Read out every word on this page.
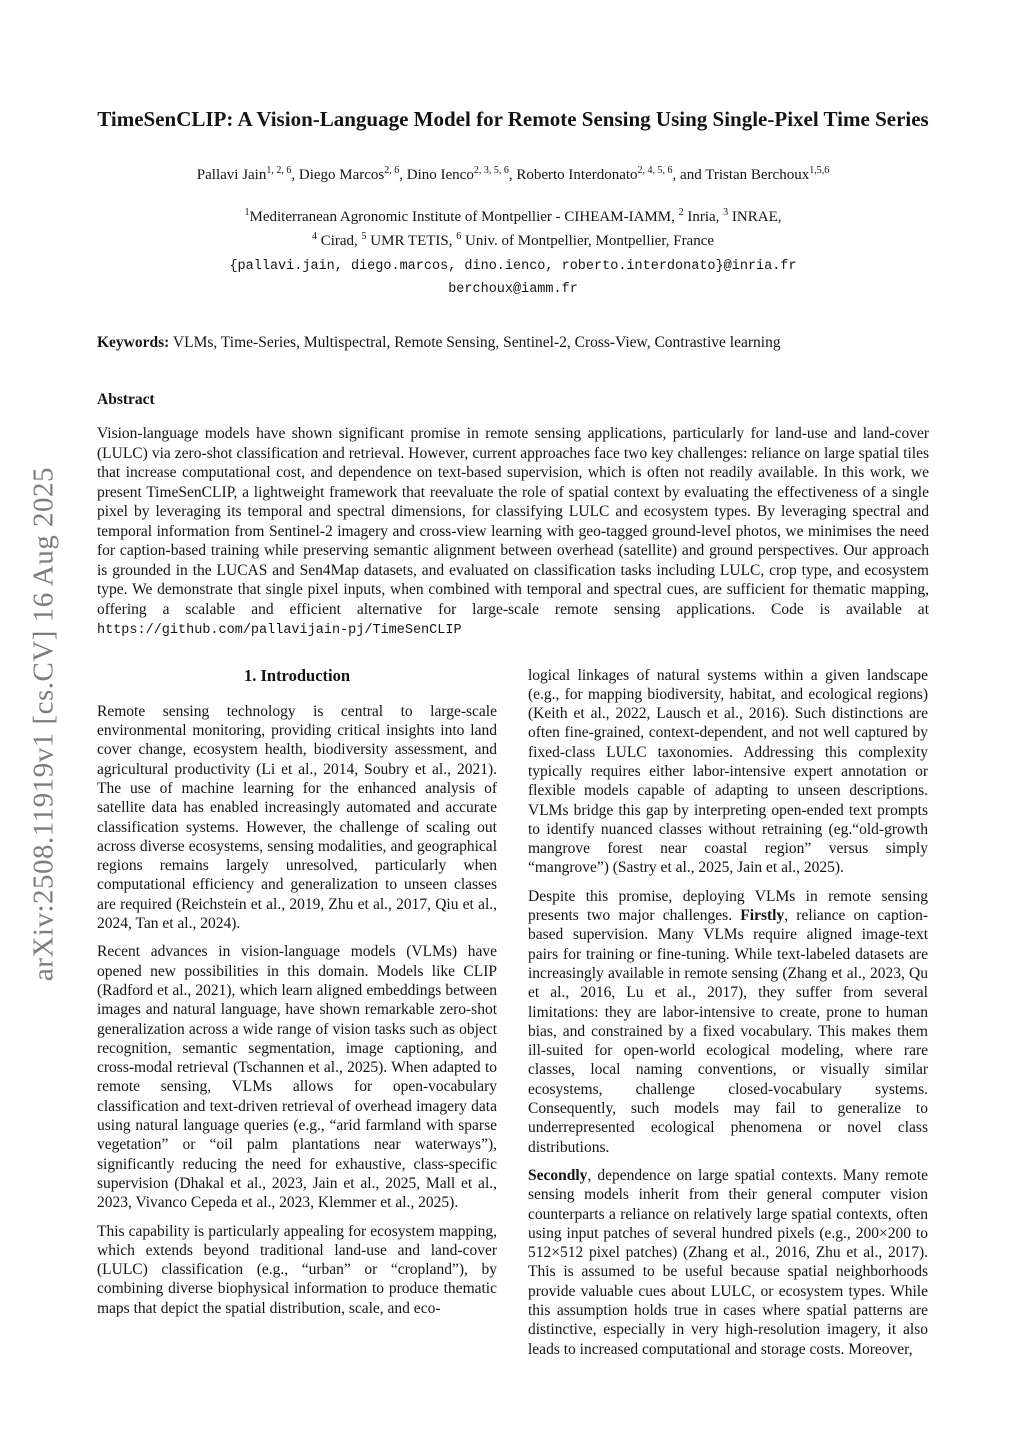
arXiv:2508.11919v1 [cs.CV] 16 Aug 2025
TimeSenCLIP: A Vision-Language Model for Remote Sensing Using Single-Pixel Time Series
Pallavi Jain$^{1, 2, 6}$, Diego Marcos$^{2, 6}$, Dino Ienco$^{2, 3, 5, 6}$, Roberto Interdonato$^{2, 4, 5, 6}$, and Tristan Berchoux$^{1,5,6}$
$^1$Mediterranean Agronomic Institute of Montpellier - CIHEAM-IAMM, $^2$ Inria, $^3$ INRAE,
$^4$ Cirad, $^5$ UMR TETIS, $^6$ Univ. of Montpellier, Montpellier, France
{pallavi.jain, diego.marcos, dino.ienco, roberto.interdonato}@inria.fr
berchoux@iamm.fr

Keywords: VLMs, Time-Series, Multispectral, Remote Sensing, Sentinel-2, Cross-View, Contrastive learning

Abstract

Vision-language models have shown significant promise in remote sensing applications, particularly for land-use and land-cover (LULC) via zero-shot classification and retrieval. However, current approaches face two key challenges: reliance on large spatial tiles that increase computational cost, and dependence on text-based supervision, which is often not readily available. In this work, we present TimeSenCLIP, a lightweight framework that reevaluate the role of spatial context by evaluating the effectiveness of a single pixel by leveraging its temporal and spectral dimensions, for classifying LULC and ecosystem types. By leveraging spectral and temporal information from Sentinel-2 imagery and cross-view learning with geo-tagged ground-level photos, we minimises the need for caption-based training while preserving semantic alignment between overhead (satellite) and ground perspectives. Our approach is grounded in the LUCAS and Sen4Map datasets, and evaluated on classification tasks including LULC, crop type, and ecosystem type. We demonstrate that single pixel inputs, when combined with temporal and spectral cues, are sufficient for thematic mapping, offering a scalable and efficient alternative for large-scale remote sensing applications. Code is available at https://github.com/pallavijain-pj/TimeSenCLIP

1. Introduction

Remote sensing technology is central to large-scale environmental monitoring, providing critical insights into land cover change, ecosystem health, biodiversity assessment, and agricultural productivity (Li et al., 2014, Soubry et al., 2021). The use of machine learning for the enhanced analysis of satellite data has enabled increasingly automated and accurate classification systems. However, the challenge of scaling out across diverse ecosystems, sensing modalities, and geographical regions remains largely unresolved, particularly when computational efficiency and generalization to unseen classes are required (Reichstein et al., 2019, Zhu et al., 2017, Qiu et al., 2024, Tan et al., 2024).

Recent advances in vision-language models (VLMs) have opened new possibilities in this domain. Models like CLIP (Radford et al., 2021), which learn aligned embeddings between images and natural language, have shown remarkable zero-shot generalization across a wide range of vision tasks such as object recognition, semantic segmentation, image captioning, and cross-modal retrieval (Tschannen et al., 2025). When adapted to remote sensing, VLMs allows for open-vocabulary classification and text-driven retrieval of overhead imagery data using natural language queries (e.g., “arid farmland with sparse vegetation” or “oil palm plantations near waterways”), significantly reducing the need for exhaustive, class-specific supervision (Dhakal et al., 2023, Jain et al., 2025, Mall et al., 2023, Vivanco Cepeda et al., 2023, Klemmer et al., 2025).

This capability is particularly appealing for ecosystem mapping, which extends beyond traditional land-use and land-cover (LULC) classification (e.g., “urban” or “cropland”), by combining diverse biophysical information to produce thematic maps that depict the spatial distribution, scale, and eco-

logical linkages of natural systems within a given landscape (e.g., for mapping biodiversity, habitat, and ecological regions) (Keith et al., 2022, Lausch et al., 2016). Such distinctions are often fine-grained, context-dependent, and not well captured by fixed-class LULC taxonomies. Addressing this complexity typically requires either labor-intensive expert annotation or flexible models capable of adapting to unseen descriptions. VLMs bridge this gap by interpreting open-ended text prompts to identify nuanced classes without retraining (eg.“old-growth mangrove forest near coastal region” versus simply “mangrove”) (Sastry et al., 2025, Jain et al., 2025).

Despite this promise, deploying VLMs in remote sensing presents two major challenges. Firstly, reliance on caption-based supervision. Many VLMs require aligned image-text pairs for training or fine-tuning. While text-labeled datasets are increasingly available in remote sensing (Zhang et al., 2023, Qu et al., 2016, Lu et al., 2017), they suffer from several limitations: they are labor-intensive to create, prone to human bias, and constrained by a fixed vocabulary. This makes them ill-suited for open-world ecological modeling, where rare classes, local naming conventions, or visually similar ecosystems, challenge closed-vocabulary systems. Consequently, such models may fail to generalize to underrepresented ecological phenomena or novel class distributions.

Secondly, dependence on large spatial contexts. Many remote sensing models inherit from their general computer vision counterparts a reliance on relatively large spatial contexts, often using input patches of several hundred pixels (e.g., 200×200 to 512×512 pixel patches) (Zhang et al., 2016, Zhu et al., 2017). This is assumed to be useful because spatial neighborhoods provide valuable cues about LULC, or ecosystem types. While this assumption holds true in cases where spatial patterns are distinctive, especially in very high-resolution imagery, it also leads to increased computational and storage costs. Moreover,
